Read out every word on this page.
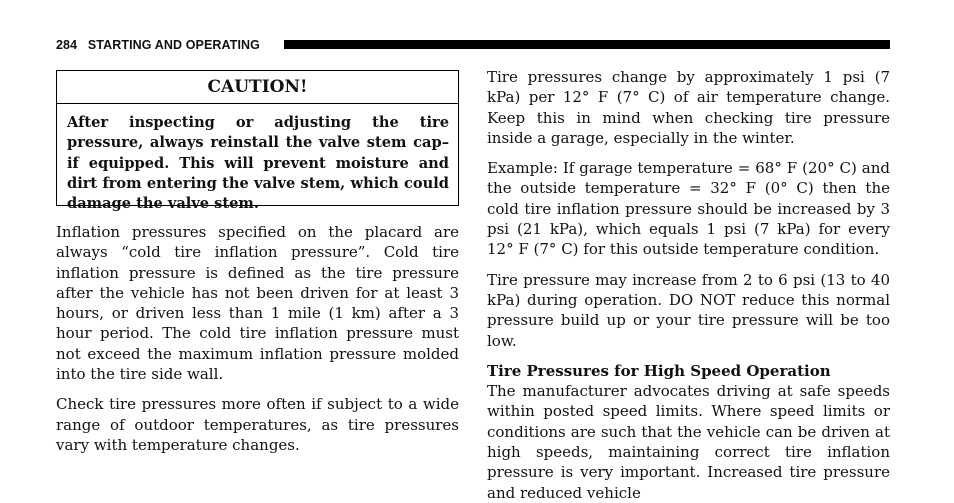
284 STARTING AND OPERATING
CAUTION!
After inspecting or adjusting the tire pressure, always reinstall the valve stem cap–if equipped. This will prevent moisture and dirt from entering the valve stem, which could damage the valve stem.

Inflation pressures specified on the placard are always “cold tire inflation pressure”. Cold tire inflation pressure is defined as the tire pressure after the vehicle has not been driven for at least 3 hours, or driven less than 1 mile (1 km) after a 3 hour period. The cold tire inflation pressure must not exceed the maximum inflation pressure molded into the tire side wall.

Check tire pressures more often if subject to a wide range of outdoor temperatures, as tire pressures vary with temperature changes.

Tire pressures change by approximately 1 psi (7 kPa) per 12° F (7° C) of air temperature change. Keep this in mind when checking tire pressure inside a garage, especially in the winter.

Example: If garage temperature = 68° F (20° C) and the outside temperature = 32° F (0° C) then the cold tire inflation pressure should be increased by 3 psi (21 kPa), which equals 1 psi (7 kPa) for every 12° F (7° C) for this outside temperature condition.

Tire pressure may increase from 2 to 6 psi (13 to 40 kPa) during operation. DO NOT reduce this normal pressure build up or your tire pressure will be too low.

Tire Pressures for High Speed Operation

The manufacturer advocates driving at safe speeds within posted speed limits. Where speed limits or conditions are such that the vehicle can be driven at high speeds, maintaining correct tire inflation pressure is very important. Increased tire pressure and reduced vehicle
